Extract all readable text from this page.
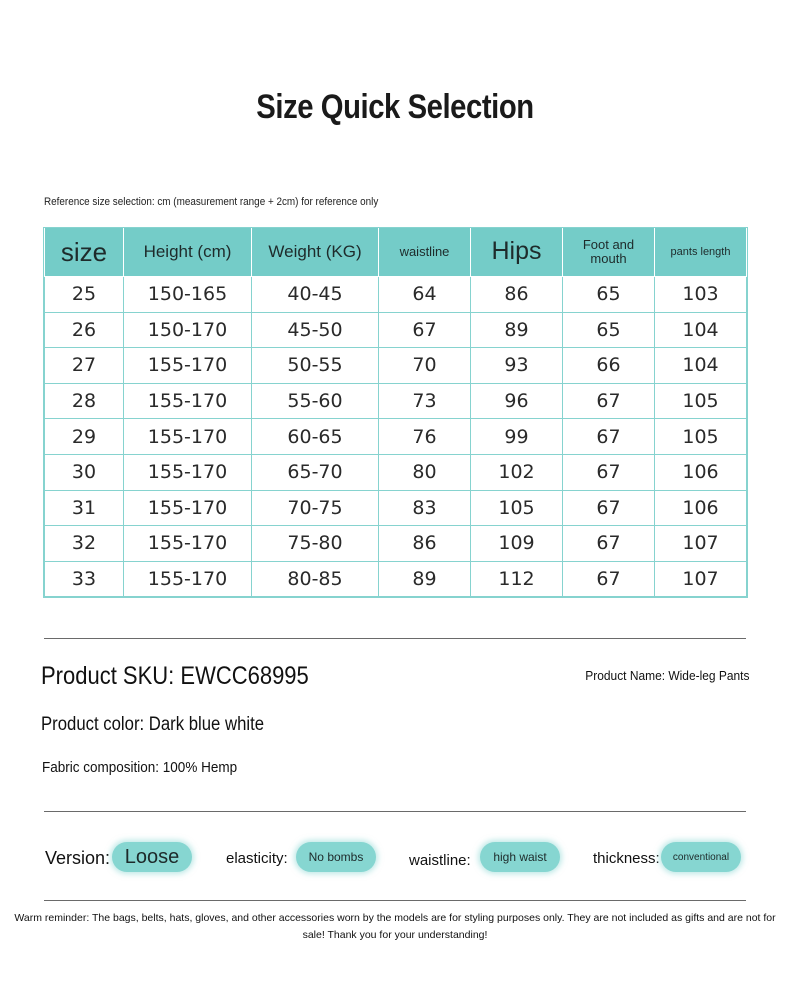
Size Quick Selection
Reference size selection: cm (measurement range + 2cm) for reference only
size	Height (cm)	Weight (KG)	waistline	Hips	Foot and mouth	pants length
25	150-165	40-45	64	86	65	103
26	150-170	45-50	67	89	65	104
27	155-170	50-55	70	93	66	104
28	155-170	55-60	73	96	67	105
29	155-170	60-65	76	99	67	105
30	155-170	65-70	80	102	67	106
31	155-170	70-75	83	105	67	106
32	155-170	75-80	86	109	67	107
33	155-170	80-85	89	112	67	107
Product SKU: EWCC68995	Product Name: Wide-leg Pants
Product color: Dark blue white
Fabric composition: 100% Hemp
Version: Loose	elasticity:	No bombs	waistline:	high waist	thickness:	conventional
Warm reminder: The bags, belts, hats, gloves, and other accessories worn by the models are for styling purposes only. They are not included as gifts and are not for sale! Thank you for your understanding!
